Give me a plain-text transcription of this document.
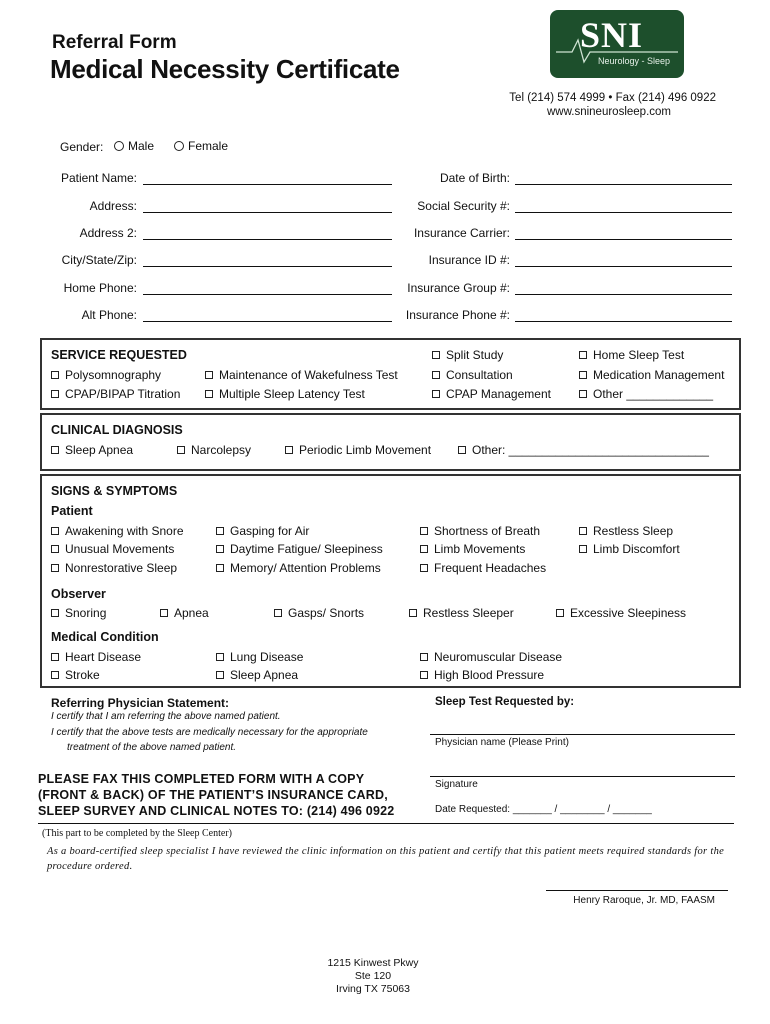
Referral Form
Medical Necessity Certificate
SNI
Neurology - Sleep
Tel (214) 574 4999 • Fax (214) 496 0922
www.snineurosleep.com
Gender:	Male	Female
Patient Name:
Address:
Address 2:
City/State/Zip:
Home Phone:
Alt Phone:
Date of Birth:
Social Security #:
Insurance Carrier:
Insurance ID #:
Insurance Group #:
Insurance Phone #:
SERVICE REQUESTED	Split Study	Home Sleep Test
Polysomnography	Maintenance of Wakefulness Test	Consultation	Medication Management
CPAP/BIPAP Titration	Multiple Sleep Latency Test	CPAP Management	Other _____________
CLINICAL DIAGNOSIS
Sleep Apnea	Narcolepsy	Periodic Limb Movement	Other: ______________________________
SIGNS & SYMPTOMS
Patient
Awakening with Snore	Gasping for Air	Shortness of Breath	Restless Sleep
Unusual Movements	Daytime Fatigue/ Sleepiness	Limb Movements	Limb Discomfort
Nonrestorative Sleep	Memory/ Attention Problems	Frequent Headaches
Observer
Snoring	Apnea	Gasps/ Snorts	Restless Sleeper	Excessive Sleepiness
Medical Condition
Heart Disease	Lung Disease	Neuromuscular Disease
Stroke	Sleep Apnea	High Blood Pressure
Referring Physician Statement:
I certify that I am referring the above named patient.
I certify that the above tests are medically necessary for the appropriate
treatment of the above named patient.
Sleep Test Requested by:
Physician name (Please Print)
Signature
Date Requested: _______ / ________ / _______
PLEASE FAX THIS COMPLETED FORM WITH A COPY
(FRONT & BACK) OF THE PATIENT’S INSURANCE CARD,
SLEEP SURVEY AND CLINICAL NOTES TO: (214) 496 0922
(This part to be completed by the Sleep Center)
As a board-certified sleep specialist I have reviewed the clinic information on this patient and certify that this patient meets required standards for the procedure ordered.
Henry Raroque, Jr. MD, FAASM
1215 Kinwest Pkwy
Ste 120
Irving TX 75063
